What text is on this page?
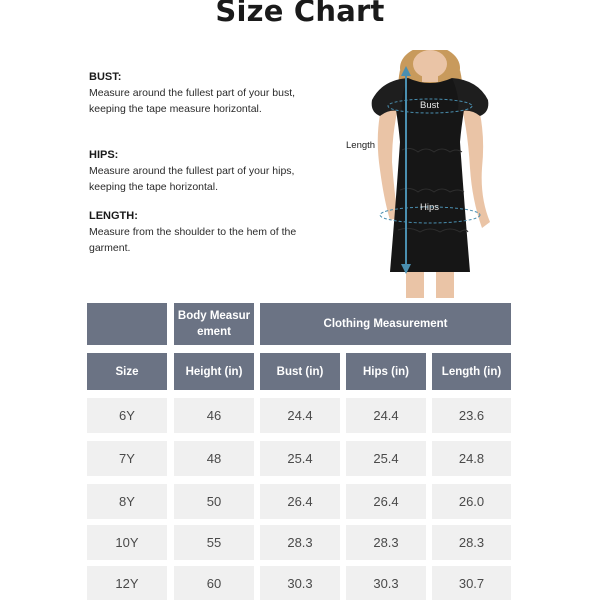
Size Chart
BUST:
Measure around the fullest part of your bust, keeping the tape measure horizontal.
HIPS:
Measure around the fullest part of your hips, keeping the tape horizontal.
LENGTH:
Measure from the shoulder to the hem of the garment.
Bust
Hips
Length
Body Measur ement
Clothing Measurement
Size	Height (in)	Bust (in)	Hips (in)	Length (in)
6Y	46	24.4	24.4	23.6
7Y	48	25.4	25.4	24.8
8Y	50	26.4	26.4	26.0
10Y	55	28.3	28.3	28.3
12Y	60	30.3	30.3	30.7
